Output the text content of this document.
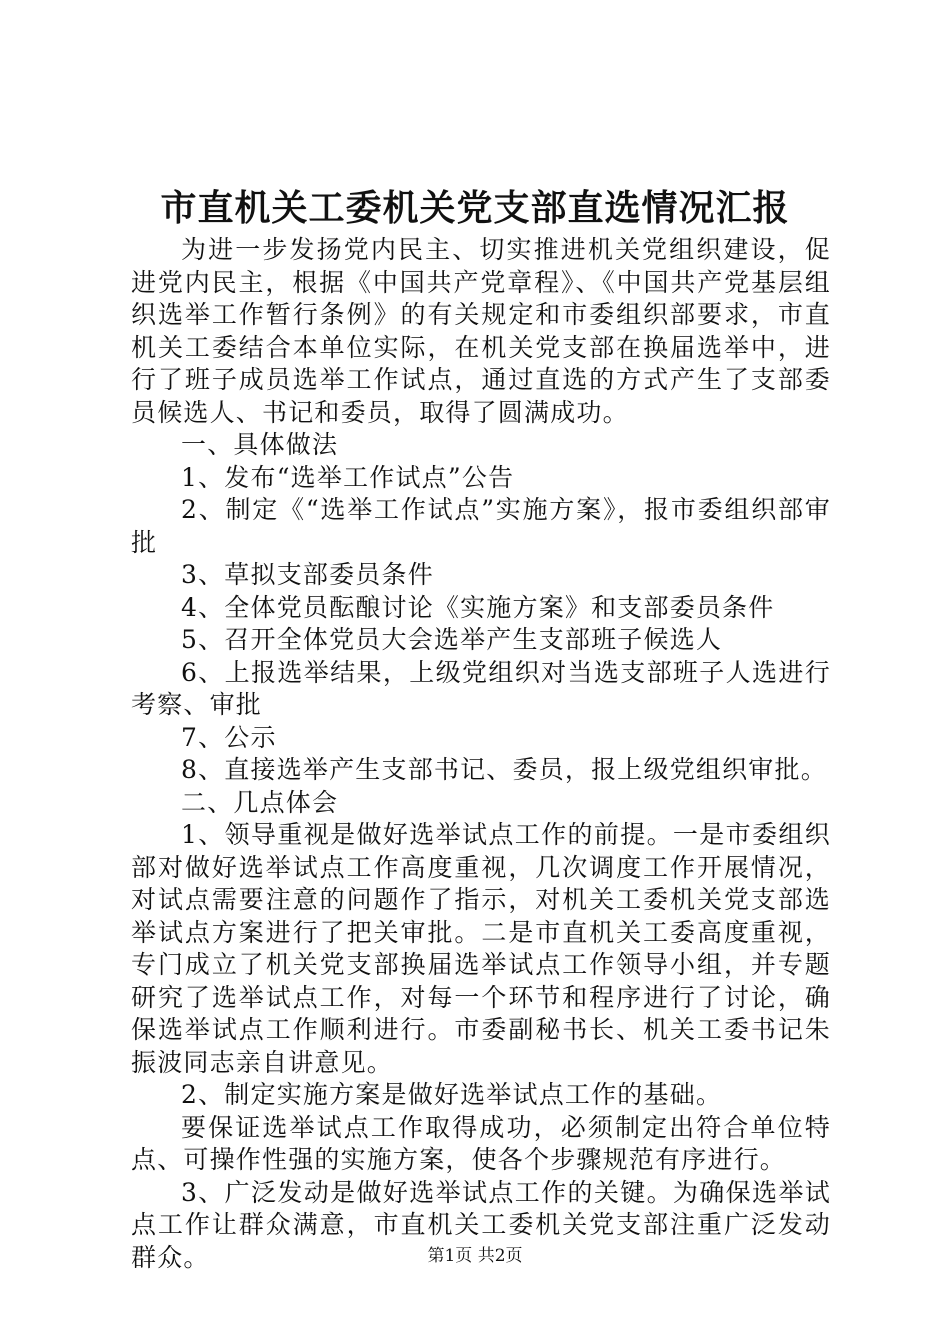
市直机关工委机关党支部直选情况汇报

为进一步发扬党内民主、切实推进机关党组织建设，促进党内民主，根据《中国共产党章程》、《中国共产党基层组织选举工作暂行条例》的有关规定和市委组织部要求，市直机关工委结合本单位实际，在机关党支部在换届选举中，进行了班子成员选举工作试点，通过直选的方式产生了支部委员候选人、书记和委员，取得了圆满成功。

一、具体做法

1、发布“选举工作试点”公告

2、制定《“选举工作试点”实施方案》，报市委组织部审批

3、草拟支部委员条件

4、全体党员酝酿讨论《实施方案》和支部委员条件

5、召开全体党员大会选举产生支部班子候选人

6、上报选举结果，上级党组织对当选支部班子人选进行考察、审批

7、公示

8、直接选举产生支部书记、委员，报上级党组织审批。

二、几点体会

1、领导重视是做好选举试点工作的前提。一是市委组织部对做好选举试点工作高度重视，几次调度工作开展情况，对试点需要注意的问题作了指示，对机关工委机关党支部选举试点方案进行了把关审批。二是市直机关工委高度重视，专门成立了机关党支部换届选举试点工作领导小组，并专题研究了选举试点工作，对每一个环节和程序进行了讨论，确保选举试点工作顺利进行。市委副秘书长、机关工委书记朱振波同志亲自讲意见。

2、制定实施方案是做好选举试点工作的基础。

要保证选举试点工作取得成功，必须制定出符合单位特点、可操作性强的实施方案，使各个步骤规范有序进行。

3、广泛发动是做好选举试点工作的关键。为确保选举试点工作让群众满意，市直机关工委机关党支部注重广泛发动群众。	第1页 共2页
